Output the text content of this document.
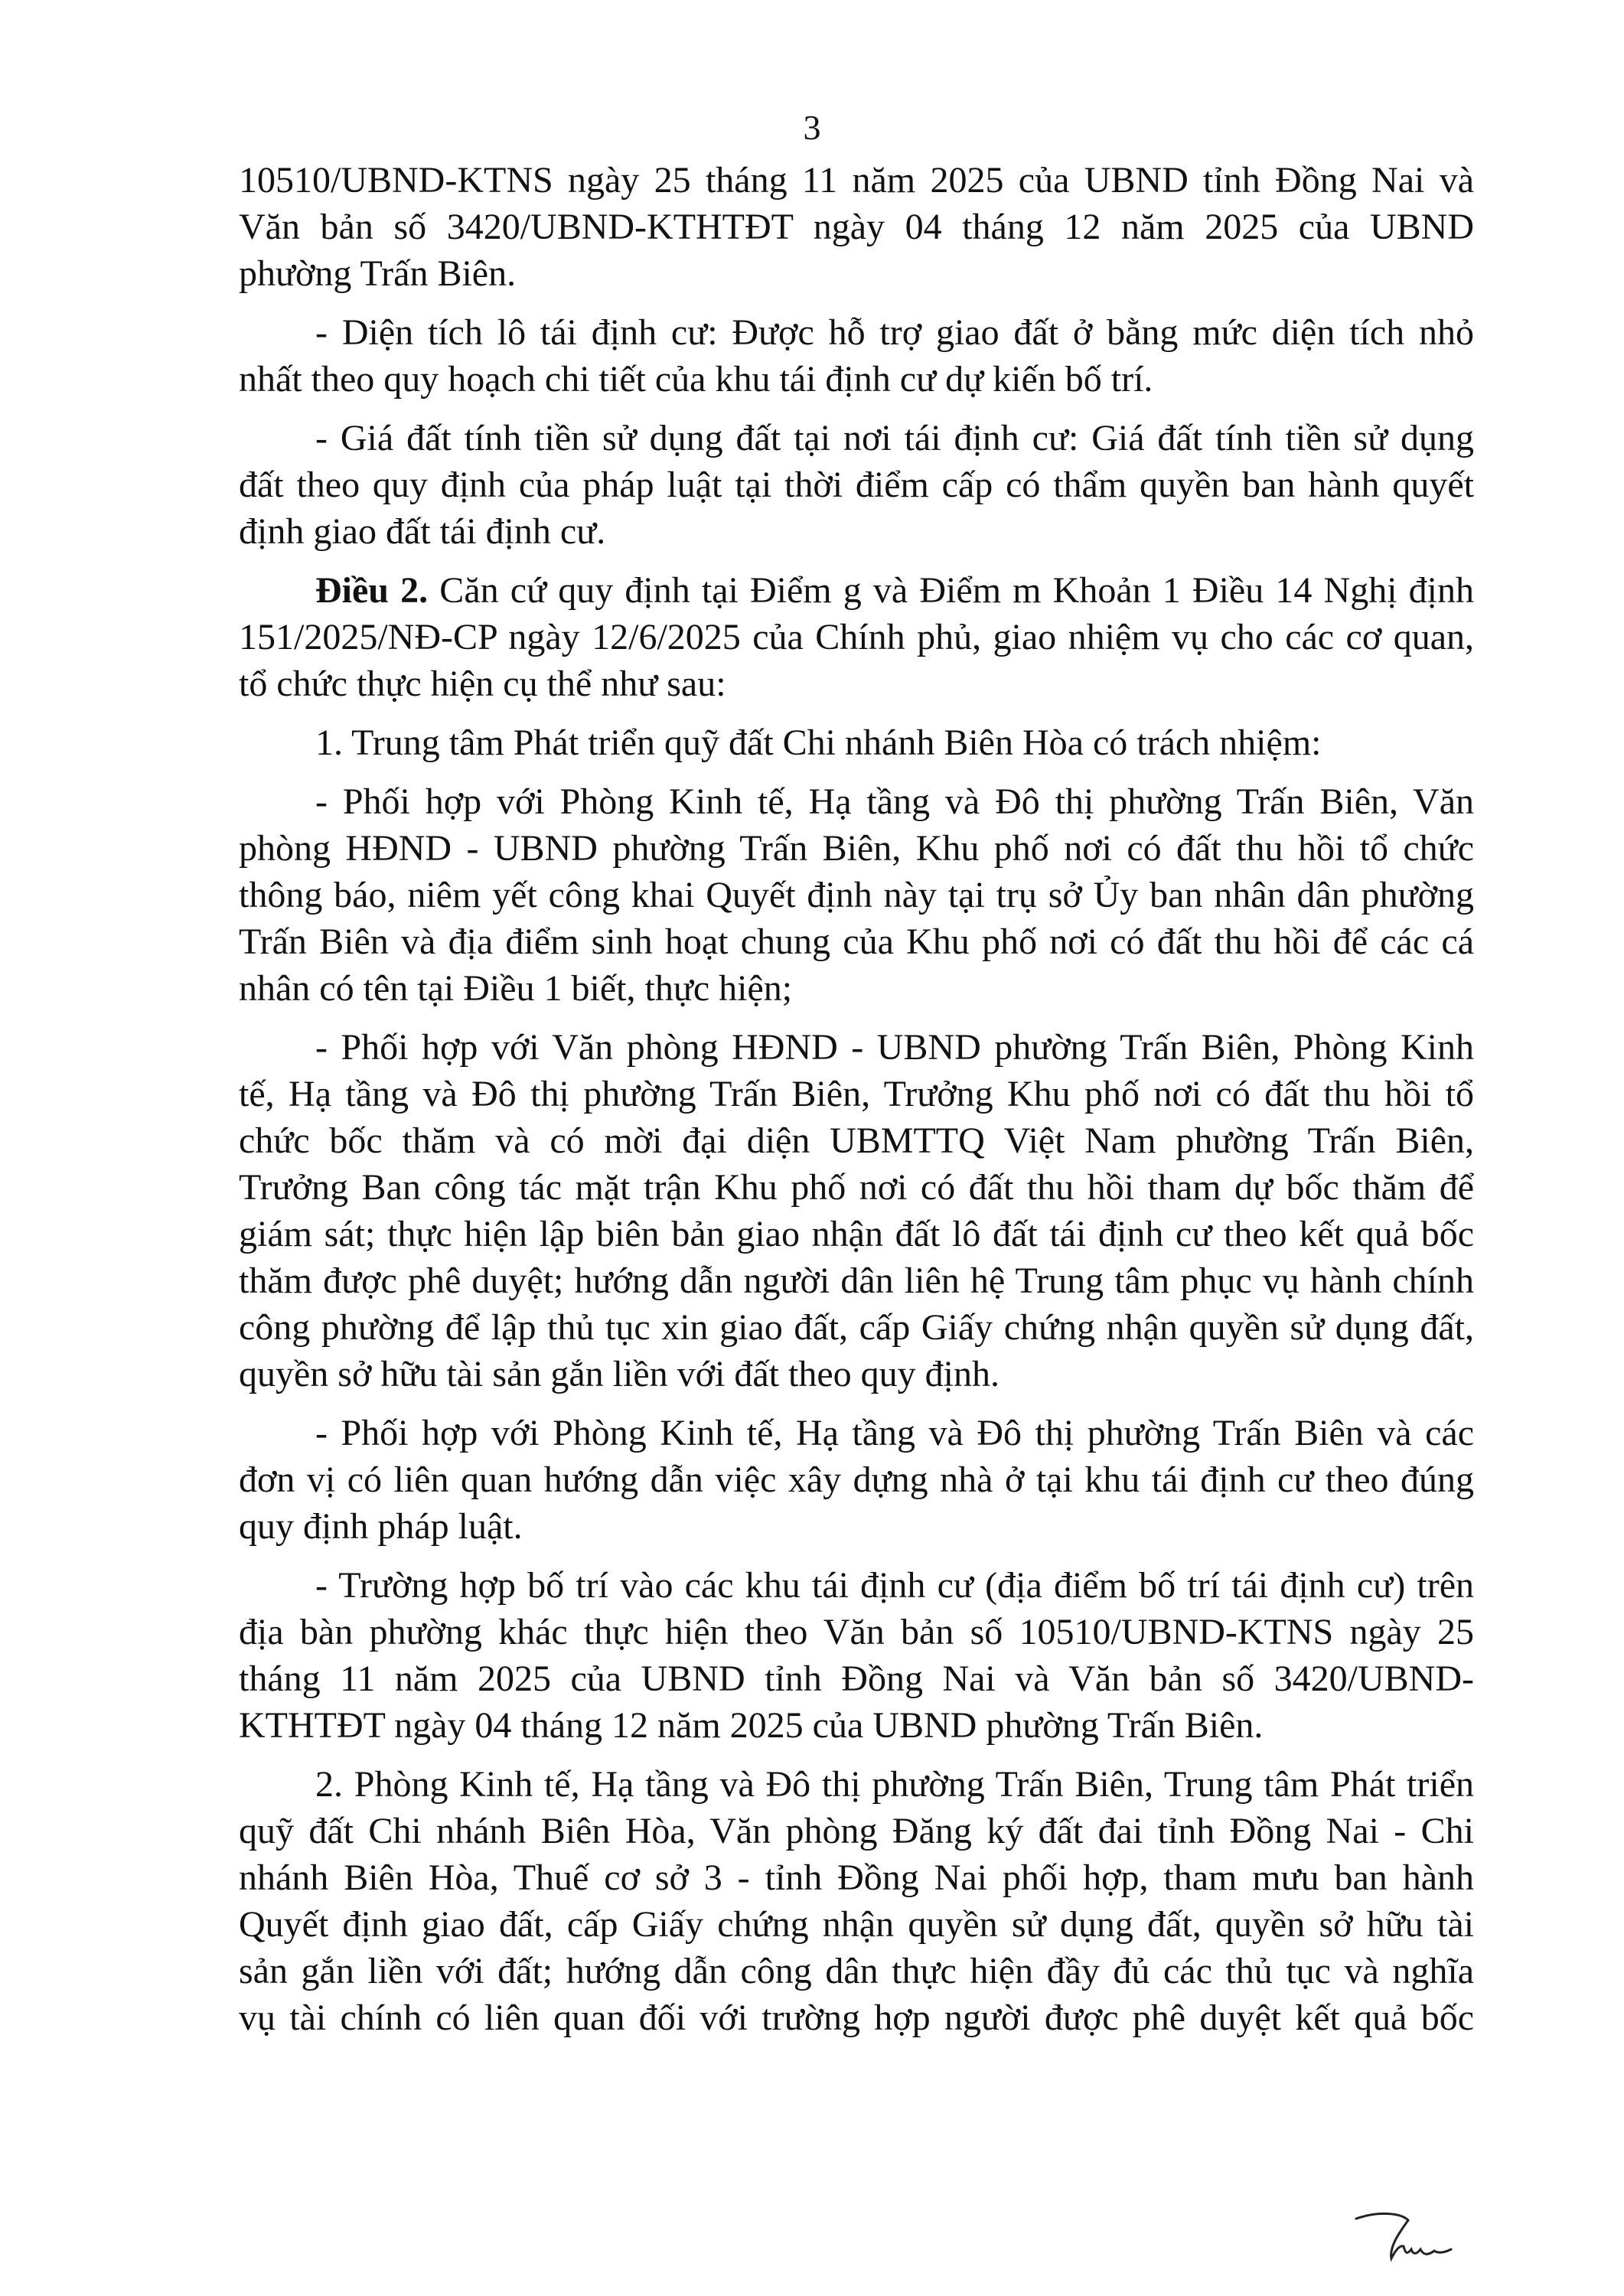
3
10510/UBND-KTNS ngày 25 tháng 11 năm 2025 của UBND tỉnh Đồng Nai và
Văn bản số 3420/UBND-KTHTĐT ngày 04 tháng 12 năm 2025 của UBND
phường Trấn Biên.
- Diện tích lô tái định cư: Được hỗ trợ giao đất ở bằng mức diện tích nhỏ
nhất theo quy hoạch chi tiết của khu tái định cư dự kiến bố trí.
- Giá đất tính tiền sử dụng đất tại nơi tái định cư: Giá đất tính tiền sử dụng
đất theo quy định của pháp luật tại thời điểm cấp có thẩm quyền ban hành quyết
định giao đất tái định cư.
Điều 2. Căn cứ quy định tại Điểm g và Điểm m Khoản 1 Điều 14 Nghị định
151/2025/NĐ-CP ngày 12/6/2025 của Chính phủ, giao nhiệm vụ cho các cơ quan,
tổ chức thực hiện cụ thể như sau:
1. Trung tâm Phát triển quỹ đất Chi nhánh Biên Hòa có trách nhiệm:
- Phối hợp với Phòng Kinh tế, Hạ tầng và Đô thị phường Trấn Biên, Văn
phòng HĐND - UBND phường Trấn Biên, Khu phố nơi có đất thu hồi tổ chức
thông báo, niêm yết công khai Quyết định này tại trụ sở Ủy ban nhân dân phường
Trấn Biên và địa điểm sinh hoạt chung của Khu phố nơi có đất thu hồi để các cá
nhân có tên tại Điều 1 biết, thực hiện;
- Phối hợp với Văn phòng HĐND - UBND phường Trấn Biên, Phòng Kinh
tế, Hạ tầng và Đô thị phường Trấn Biên, Trưởng Khu phố nơi có đất thu hồi tổ
chức bốc thăm và có mời đại diện UBMTTQ Việt Nam phường Trấn Biên,
Trưởng Ban công tác mặt trận Khu phố nơi có đất thu hồi tham dự bốc thăm để
giám sát; thực hiện lập biên bản giao nhận đất lô đất tái định cư theo kết quả bốc
thăm được phê duyệt; hướng dẫn người dân liên hệ Trung tâm phục vụ hành chính
công phường để lập thủ tục xin giao đất, cấp Giấy chứng nhận quyền sử dụng đất,
quyền sở hữu tài sản gắn liền với đất theo quy định.
- Phối hợp với Phòng Kinh tế, Hạ tầng và Đô thị phường Trấn Biên và các
đơn vị có liên quan hướng dẫn việc xây dựng nhà ở tại khu tái định cư theo đúng
quy định pháp luật.
- Trường hợp bố trí vào các khu tái định cư (địa điểm bố trí tái định cư) trên
địa bàn phường khác thực hiện theo Văn bản số 10510/UBND-KTNS ngày 25
tháng 11 năm 2025 của UBND tỉnh Đồng Nai và Văn bản số 3420/UBND-
KTHTĐT ngày 04 tháng 12 năm 2025 của UBND phường Trấn Biên.
2. Phòng Kinh tế, Hạ tầng và Đô thị phường Trấn Biên, Trung tâm Phát triển
quỹ đất Chi nhánh Biên Hòa, Văn phòng Đăng ký đất đai tỉnh Đồng Nai - Chi
nhánh Biên Hòa, Thuế cơ sở 3 - tỉnh Đồng Nai phối hợp, tham mưu ban hành
Quyết định giao đất, cấp Giấy chứng nhận quyền sử dụng đất, quyền sở hữu tài
sản gắn liền với đất; hướng dẫn công dân thực hiện đầy đủ các thủ tục và nghĩa
vụ tài chính có liên quan đối với trường hợp người được phê duyệt kết quả bốc
